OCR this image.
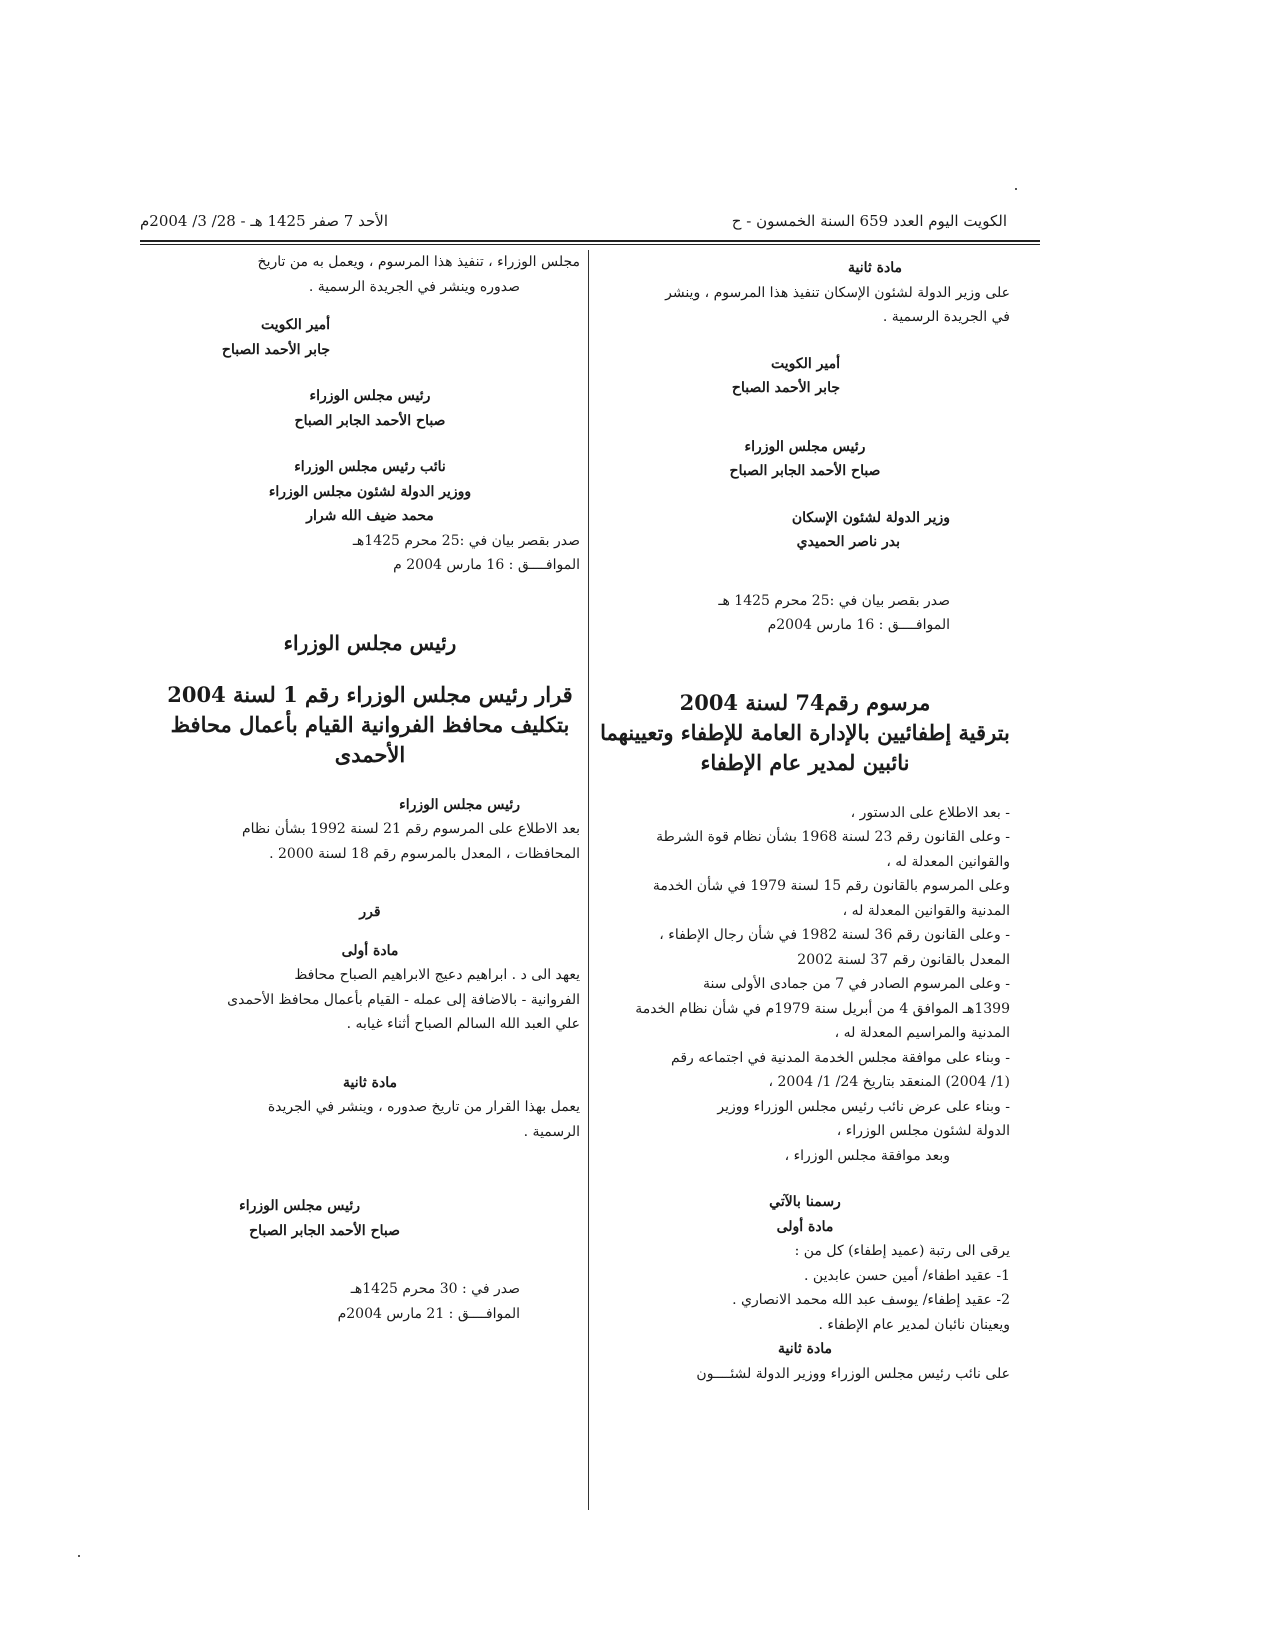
الكويت اليوم العدد 659 السنة الخمسون - ح
الأحد 7 صفر 1425 هـ - 28/ 3/ 2004م
مادة ثانية
على وزير الدولة لشئون الإسكان تنفيذ هذا المرسوم ، وينشر
في الجريدة الرسمية .
أمير الكويت
جابر الأحمد الصباح
رئيس مجلس الوزراء
صباح الأحمد الجابر الصباح
وزير الدولة لشئون الإسكان
بدر ناصر الحميدي
صدر بقصر بيان في :25 محرم 1425 هـ
الموافــــق : 16 مارس 2004م
مرسوم رقم74 لسنة 2004
بترقية إطفائيين بالإدارة العامة للإطفاء وتعيينهما
نائبين لمدير عام الإطفاء
- بعد الاطلاع على الدستور ،
- وعلى القانون رقم 23 لسنة 1968 بشأن نظام قوة الشرطة
والقوانين المعدلة له ،
وعلى المرسوم بالقانون رقم 15 لسنة 1979 في شأن الخدمة
المدنية والقوانين المعدلة له ،
- وعلى القانون رقم 36 لسنة 1982 في شأن رجال الإطفاء ،
المعدل بالقانون رقم 37 لسنة 2002
- وعلى المرسوم الصادر في 7 من جمادى الأولى سنة
1399هـ الموافق 4 من أبريل سنة 1979م في شأن نظام الخدمة
المدنية والمراسيم المعدلة له ،
- وبناء على موافقة مجلس الخدمة المدنية في اجتماعه رقم
(1/ 2004) المنعقد بتاريخ 24/ 1/ 2004 ،
- وبناء على عرض نائب رئيس مجلس الوزراء ووزير
الدولة لشئون مجلس الوزراء ،
وبعد موافقة مجلس الوزراء ،
رسمنا بالآتي
مادة أولى
يرقى الى رتبة (عميد إطفاء) كل من :
1- عقيد اطفاء/ أمين حسن عابدين .
2- عقيد إطفاء/ يوسف عبد الله محمد الانصاري .
ويعينان نائبان لمدير عام الإطفاء .
مادة ثانية
على نائب رئيس مجلس الوزراء ووزير الدولة لشئــــون
مجلس الوزراء ، تنفيذ هذا المرسوم ، ويعمل به من تاريخ
صدوره وينشر في الجريدة الرسمية .
أمير الكويت
جابر الأحمد الصباح
رئيس مجلس الوزراء
صباح الأحمد الجابر الصباح
نائب رئيس مجلس الوزراء
ووزير الدولة لشئون مجلس الوزراء
محمد ضيف الله شرار
صدر بقصر بيان في :25 محرم 1425هـ
الموافــــق : 16 مارس 2004 م
رئيس مجلس الوزراء
قرار رئيس مجلس الوزراء رقم 1 لسنة 2004
بتكليف محافظ الفروانية القيام بأعمال محافظ
الأحمدى
رئيس مجلس الوزراء
بعد الاطلاع على المرسوم رقم 21 لسنة 1992 بشأن نظام
المحافظات ، المعدل بالمرسوم رقم 18 لسنة 2000 .
قرر
مادة أولى
يعهد الى د . ابراهيم دعيج الابراهيم الصباح محافظ
الفروانية - بالاضافة إلى عمله - القيام بأعمال محافظ الأحمدى
علي العبد الله السالم الصباح أثناء غيابه .
مادة ثانية
يعمل بهذا القرار من تاريخ صدوره ، وينشر في الجريدة
الرسمية .
رئيس مجلس الوزراء
صباح الأحمد الجابر الصباح
صدر في : 30 محرم 1425هـ
الموافــــق : 21 مارس 2004م
